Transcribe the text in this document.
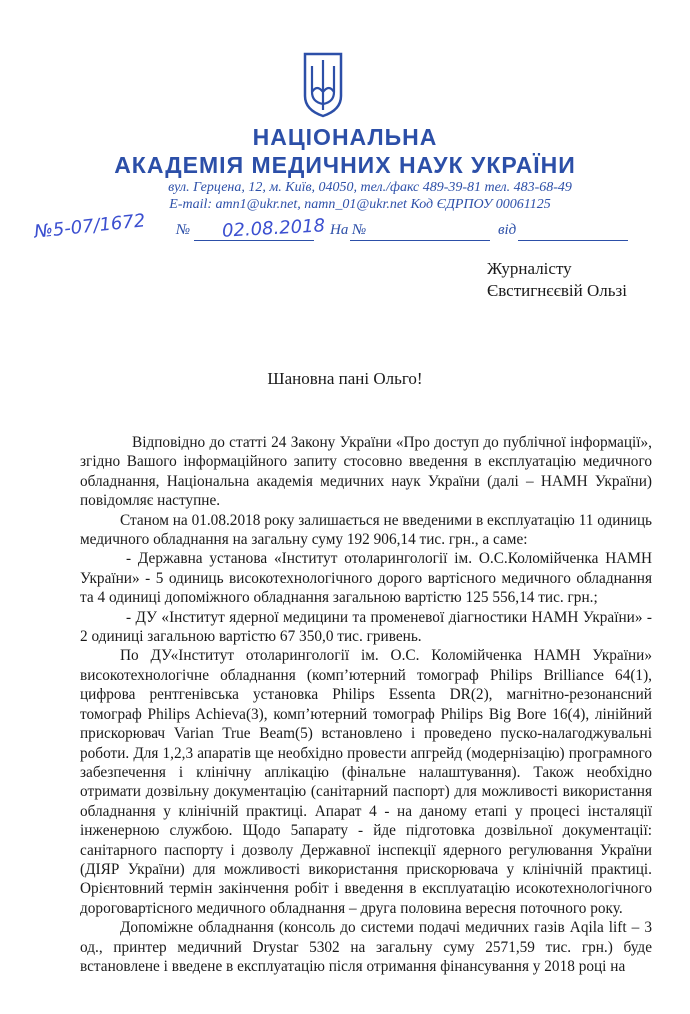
НАЦІОНАЛЬНА
АКАДЕМІЯ МЕДИЧНИХ НАУК УКРАЇНИ
вул. Герцена, 12, м. Київ, 04050, тел./факс 489-39-81 тел. 483-68-49
E-mail: amn1@ukr.net, namn_01@ukr.net Код ЄДРПОУ 00061125
№5-07/1672 № 02.08.2018 На №	від
Журналісту
Євстигнєєвій Ользі
Шановна пані Ольго!

Відповідно до статті 24 Закону України «Про доступ до публічної інформації», згідно Вашого інформаційного запиту стосовно введення в експлуатацію медичного обладнання, Національна академія медичних наук України (далі – НАМН України) повідомляє наступне.

Станом на 01.08.2018 року залишається не введеними в експлуатацію 11 одиниць медичного обладнання на загальну суму 192 906,14 тис. грн., а саме:

- Державна установа «Інститут отоларингології ім. О.С.Коломійченка НАМН України» - 5 одиниць високотехнологічного дорого вартісного медичного обладнання та 4 одиниці допоміжного обладнання загальною вартістю 125 556,14 тис. грн.;

- ДУ «Інститут ядерної медицини та променевої діагностики НАМН України» - 2 одиниці загальною вартістю 67 350,0 тис. гривень.

По ДУ«Інститут отоларингології ім. О.С. Коломійченка НАМН України» високотехнологічне обладнання (комп’ютерний томограф Philips Brilliance 64(1), цифрова рентгенівська установка Philips Essenta DR(2), магнітно-резонансний томограф Philips Achieva(3), комп’ютерний томограф Philips Big Bore 16(4), лінійний прискорювач Varian True Beam(5) встановлено і проведено пуско-налагоджувальні роботи. Для 1,2,3 апаратів ще необхідно провести апгрейд (модернізацію) програмного забезпечення і клінічну аплікацію (фінальне налаштування). Також необхідно отримати дозвільну документацію (санітарний паспорт) для можливості використання обладнання у клінічній практиці. Апарат 4 - на даному етапі у процесі інсталяції інженерною службою. Щодо 5апарату - йде підготовка дозвільної документації: санітарного паспорту і дозволу Державної інспекції ядерного регулювання України (ДІЯР України) для можливості використання прискорювача у клінічній практиці. Орієнтовний термін закінчення робіт і введення в експлуатацію исокотехнологічного дороговартісного медичного обладнання – друга половина вересня поточного року.

Допоміжне обладнання (консоль до системи подачі медичних газів Aqila lift – 3 од., принтер медичний Drystar 5302 на загальну суму 2571,59 тис. грн.) буде встановлене і введене в експлуатацію після отримання фінансування у 2018 році на
